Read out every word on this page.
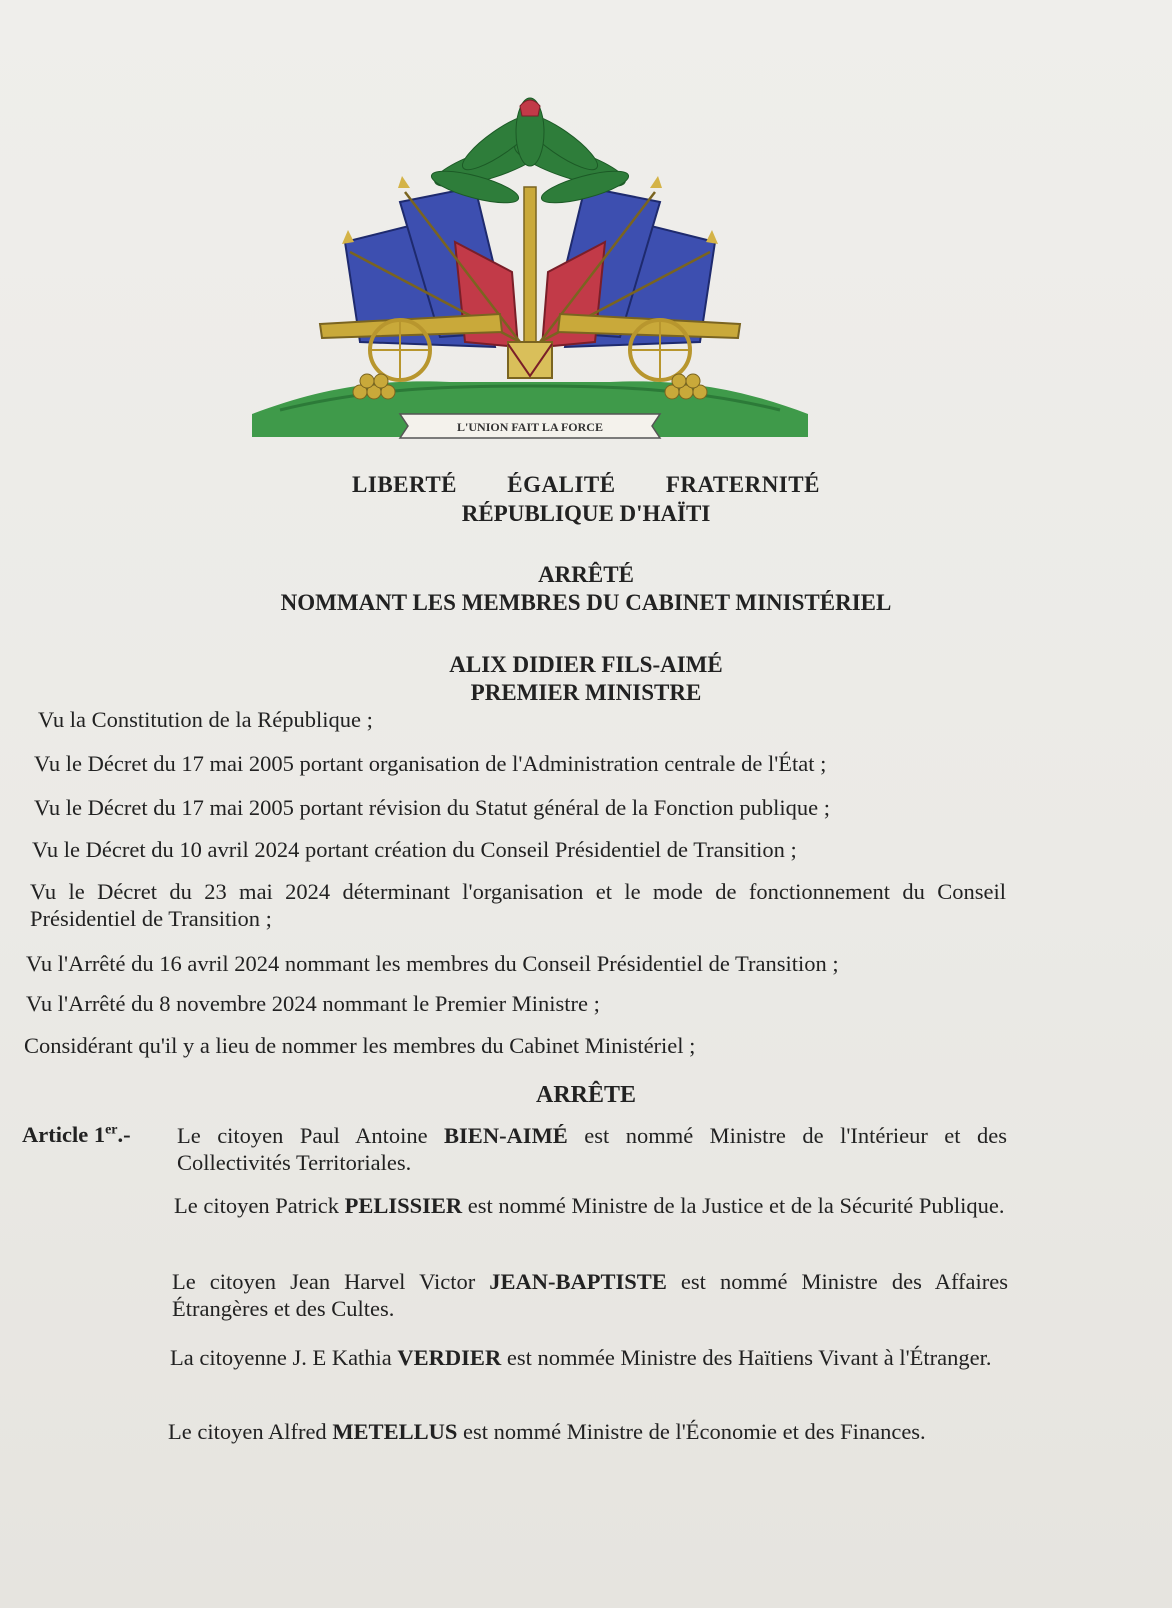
L'UNION FAIT LA FORCE
LIBERTÉ ÉGALITÉ FRATERNITÉ
RÉPUBLIQUE D'HAÏTI
ARRÊTÉ
NOMMANT LES MEMBRES DU CABINET MINISTÉRIEL
ALIX DIDIER FILS-AIMÉ
PREMIER MINISTRE
Vu la Constitution de la République ;
Vu le Décret du 17 mai 2005 portant organisation de l'Administration centrale de l'État ;
Vu le Décret du 17 mai 2005 portant révision du Statut général de la Fonction publique ;
Vu le Décret du 10 avril 2024 portant création du Conseil Présidentiel de Transition ;
Vu le Décret du 23 mai 2024 déterminant l'organisation et le mode de fonctionnement du Conseil Présidentiel de Transition ;
Vu l'Arrêté du 16 avril 2024 nommant les membres du Conseil Présidentiel de Transition ;
Vu l'Arrêté du 8 novembre 2024 nommant le Premier Ministre ;
Considérant qu'il y a lieu de nommer les membres du Cabinet Ministériel ;
ARRÊTE
Article 1er.- Le citoyen Paul Antoine BIEN-AIMÉ est nommé Ministre de l'Intérieur et des Collectivités Territoriales.
Le citoyen Patrick PELISSIER est nommé Ministre de la Justice et de la Sécurité Publique.
Le citoyen Jean Harvel Victor JEAN-BAPTISTE est nommé Ministre des Affaires Étrangères et des Cultes.
La citoyenne J. E Kathia VERDIER est nommée Ministre des Haïtiens Vivant à l'Étranger.
Le citoyen Alfred METELLUS est nommé Ministre de l'Économie et des Finances.
